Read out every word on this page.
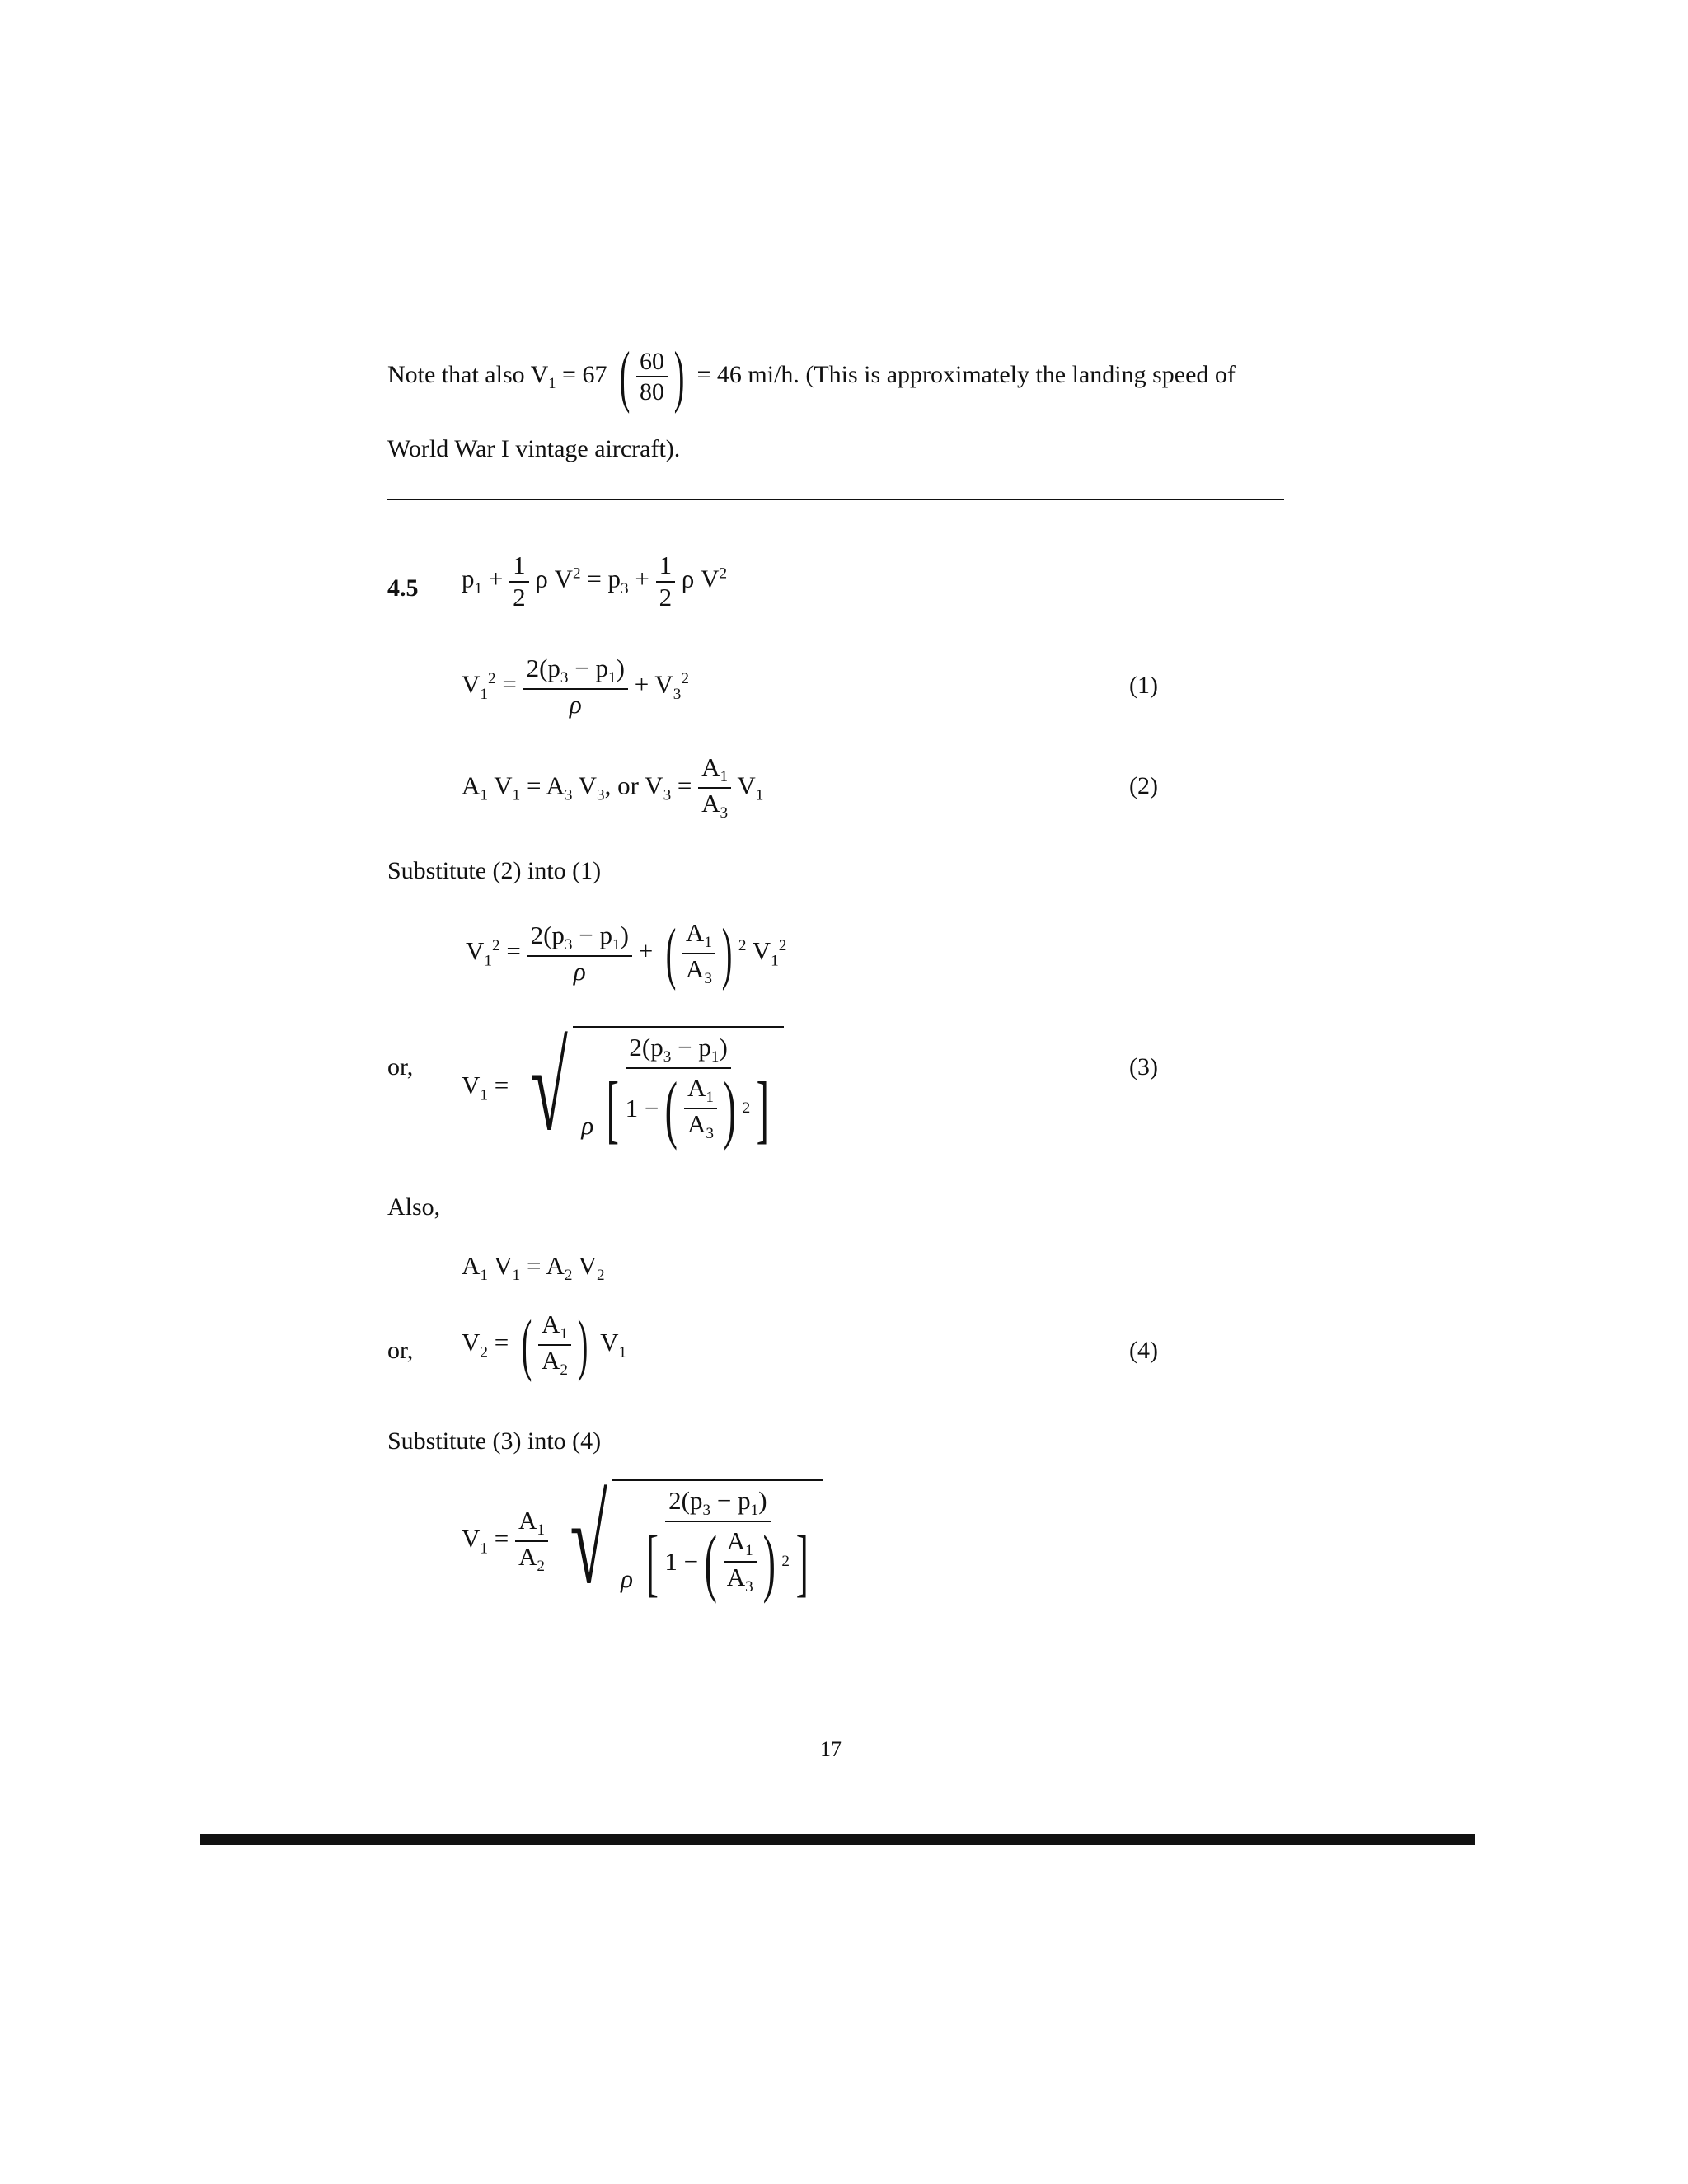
Note that also $V_1 = 67$ ( $\frac{60}{80}$ ) = 46 mi/h. (This is approximately the landing speed of
World War I vintage aircraft).
4.5 $p_1 + \frac{1}{2}$ ρ $V^2 = p_3 + \frac{1}{2}$ ρ $V^2$
$V_1^2 = \frac{2(p_3 - p_1)}{\rho} + V_3^2$	(1)
$A_1$ $V_1 = A_3$ $V_3$, or $V_3 = \frac{A_1}{A_3} V_1$	(2)
Substitute (2) into (1)
$V_1^2 = \frac{2(p_3 - p_1)}{\rho}$ + ( $\frac{A_1}{A_3}$ ) $^2$ $V_1^2$
or,
$V_1$ = √ $\frac{2(p_3 - p_1)}{\rho [ 1 - ( \frac{A_1}{A_3} ) 2 ]}$	(3)
Also,
$A_1$ $V_1 = A_2$ $V_2$
or, $V_2$ = ( $\frac{A_1}{A_2}$ ) $V_1$	(4)
Substitute (3) into (4)
$V_1 = \frac{A_1}{A_2}$
√ $\frac{2(p_3 - p_1)}{\rho [ 1 - ( \frac{A_1}{A_3} ) 2 ]}$
17
